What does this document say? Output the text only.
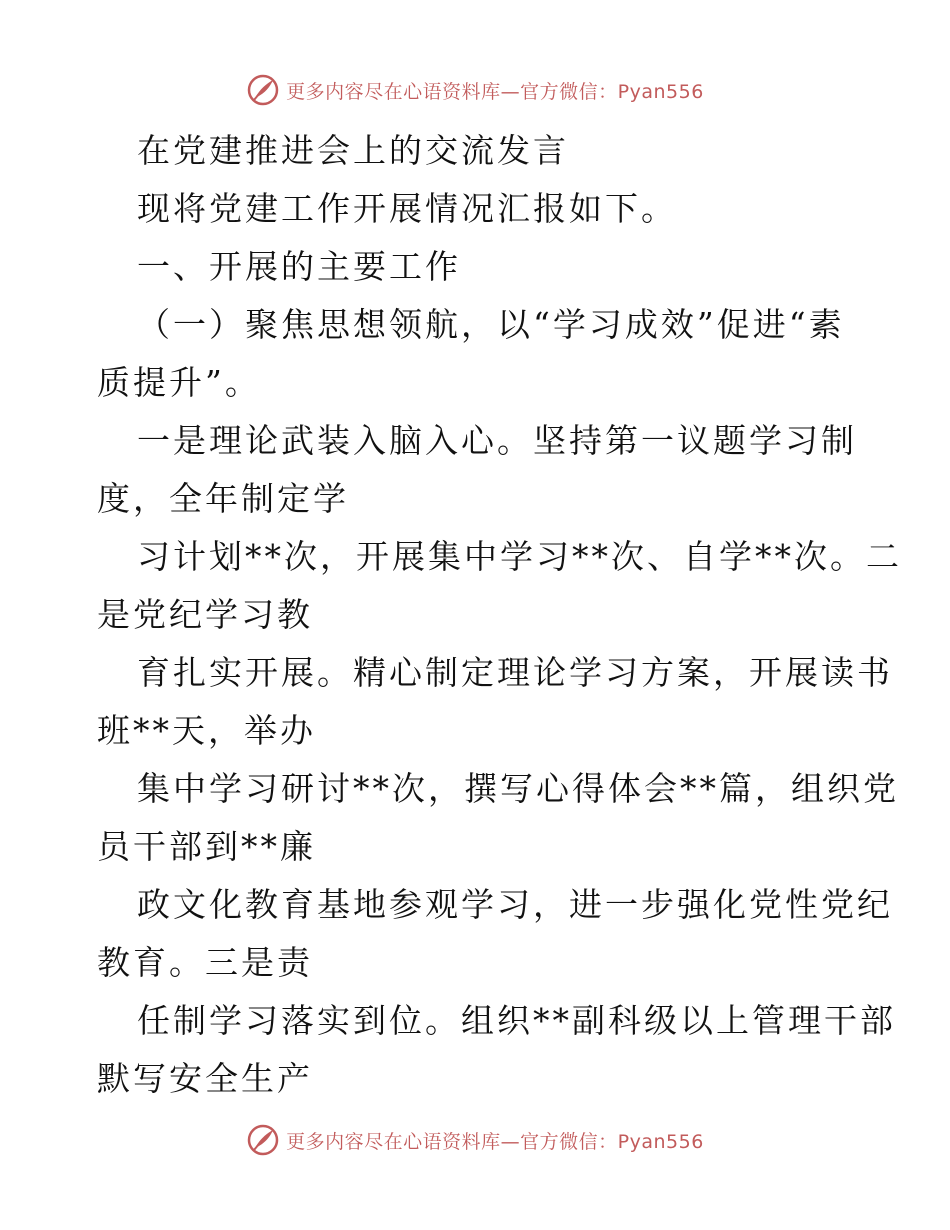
更多内容尽在心语资料库—官方微信：Pyan556

在党建推进会上的交流发言

现将党建工作开展情况汇报如下。

一、开展的主要工作

（一）聚焦思想领航，以“学习成效”促进“素

质提升”。

一是理论武装入脑入心。坚持第一议题学习制

度，全年制定学

习计划**次，开展集中学习**次、自学**次。二

是党纪学习教

育扎实开展。精心制定理论学习方案，开展读书

班**天，举办

集中学习研讨**次，撰写心得体会**篇，组织党

员干部到**廉

政文化教育基地参观学习，进一步强化党性党纪

教育。三是责

任制学习落实到位。组织**副科级以上管理干部

默写安全生产

更多内容尽在心语资料库—官方微信：Pyan556
